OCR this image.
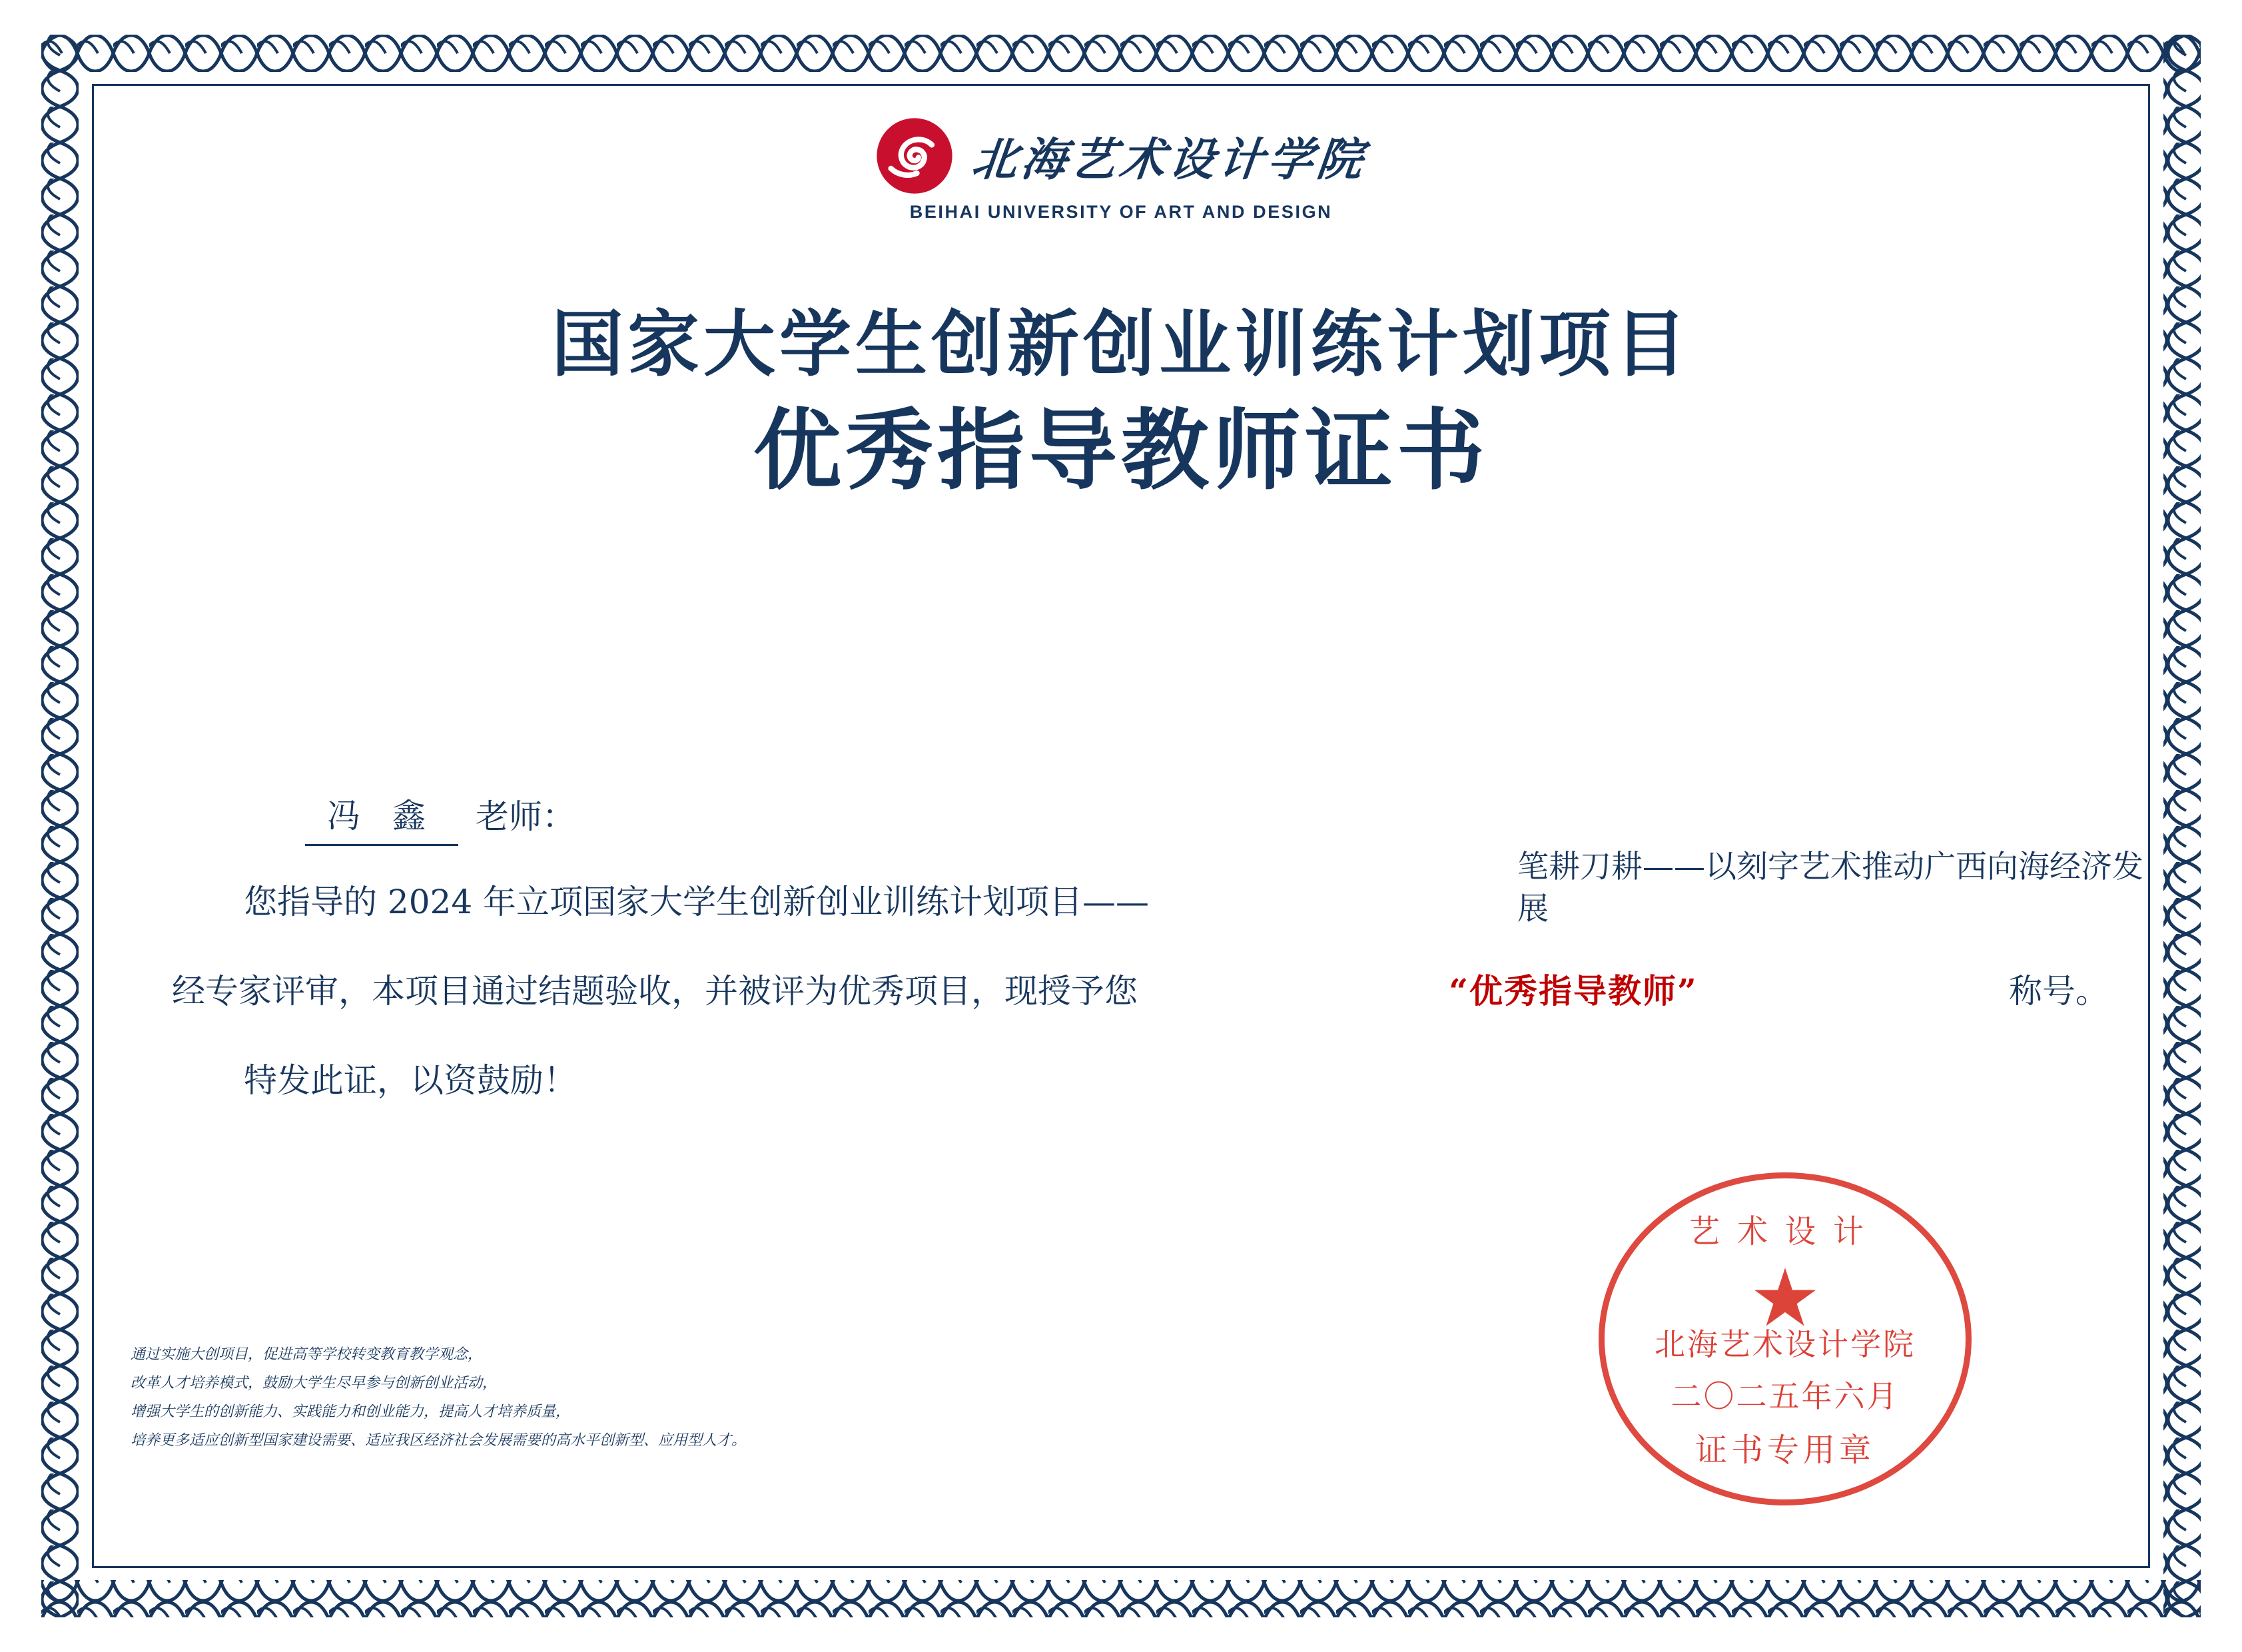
北海艺术设计学院
BEIHAI UNIVERSITY OF ART AND DESIGN
国家大学生创新创业训练计划项目
优秀指导教师证书
冯 鑫	老师：
您指导的 2024 年立项国家大学生创新创业训练计划项目——
经专家评审，本项目通过结题验收，并被评为优秀项目，现授予您	“优秀指导教师”	称号。
特发此证，以资鼓励！
笔耕刀耕——以刻字艺术推动广西向海经济发展
通过实施大创项目，促进高等学校转变教育教学观念，
改革人才培养模式，鼓励大学生尽早参与创新创业活动，
增强大学生的创新能力、实践能力和创业能力，提高人才培养质量，
培养更多适应创新型国家建设需要、适应我区经济社会发展需要的高水平创新型、应用型人才。
艺术设计
★
北海艺术设计学院
二〇二五年六月
证书专用章
